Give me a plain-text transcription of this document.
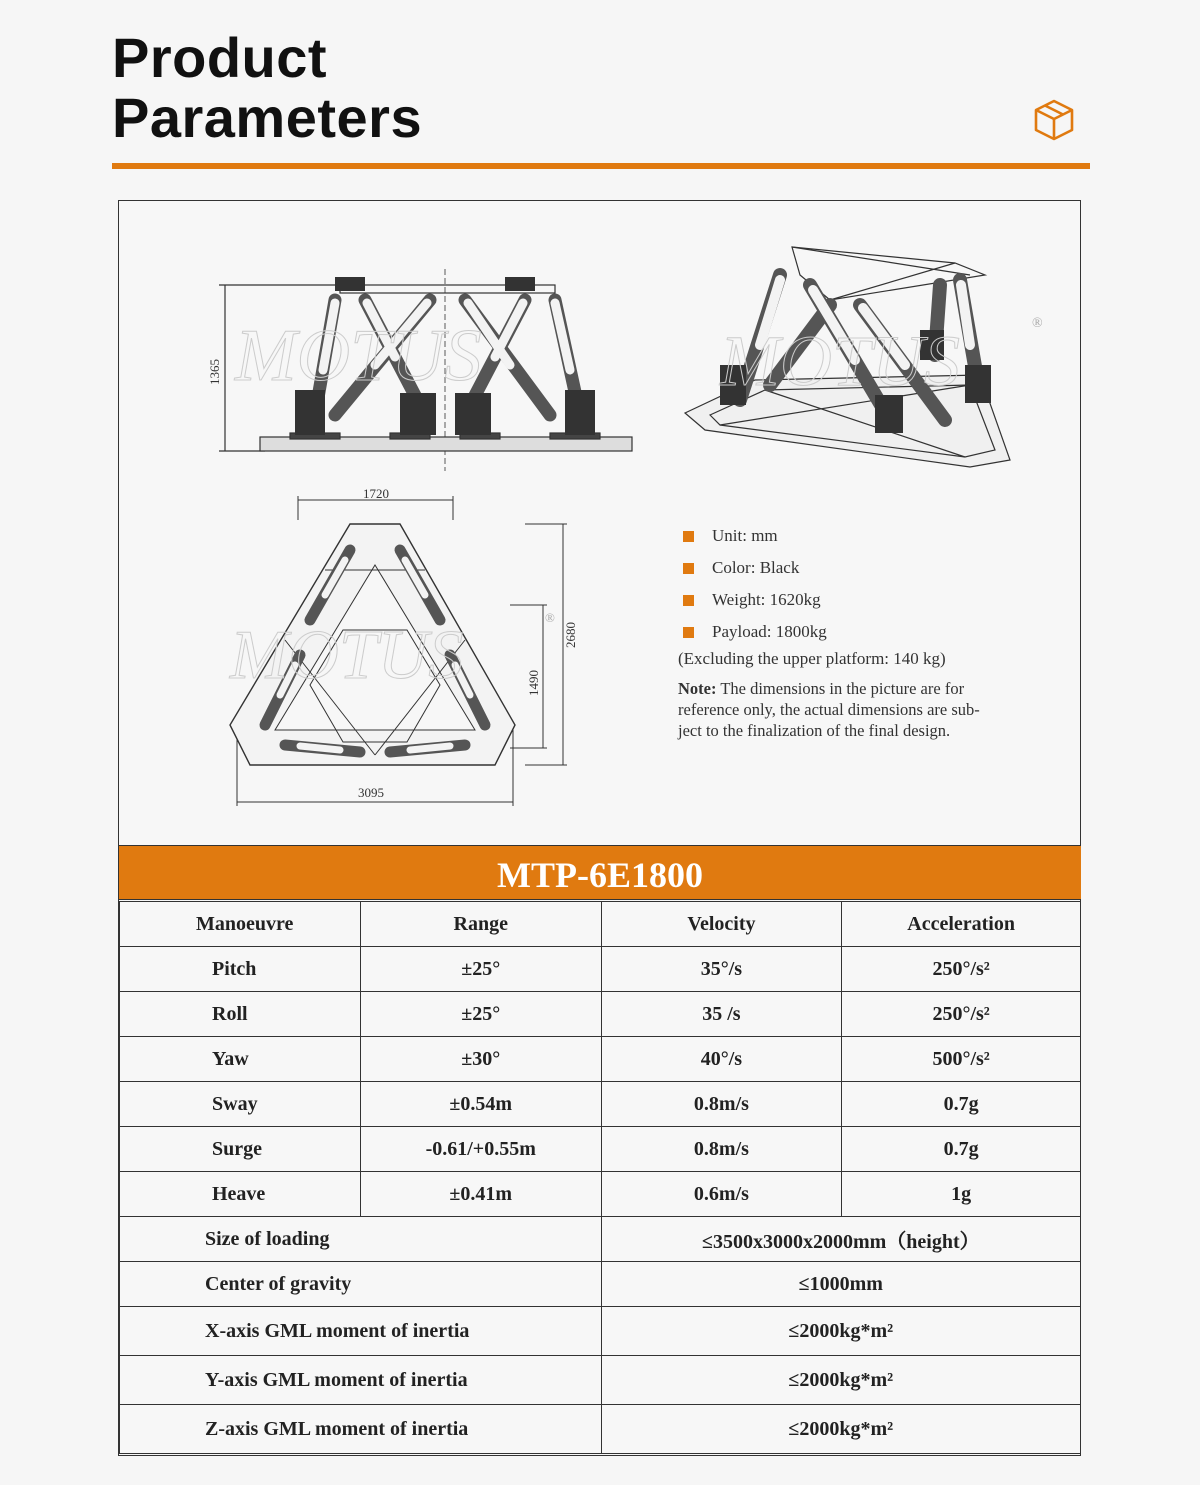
Product
Parameters
1365 MOTUS	MOTUS	®
1720
3095
2680
1490
MOTUS	®
Unit: mm
Color: Black
Weight: 1620kg
Payload: 1800kg
(Excluding the upper platform: 140 kg)
Note: The dimensions in the picture are for
reference only, the actual dimensions are sub-
ject to the finalization of the final design.
MTP-6E1800
Manoeuvre	Range	Velocity	Acceleration
Pitch	±25°	35°/s	250°/s²
Roll	±25°	35 /s	250°/s²
Yaw	±30°	40°/s	500°/s²
Sway	±0.54m	0.8m/s	0.7g
Surge	-0.61/+0.55m	0.8m/s	0.7g
Heave	±0.41m	0.6m/s	1g
Size of loading		≤3500x3000x2000mm（height）	
Center of gravity		≤1000mm	
X-axis GML moment of inertia		≤2000kg*m²	
Y-axis GML moment of inertia		≤2000kg*m²	
Z-axis GML moment of inertia		≤2000kg*m²	
